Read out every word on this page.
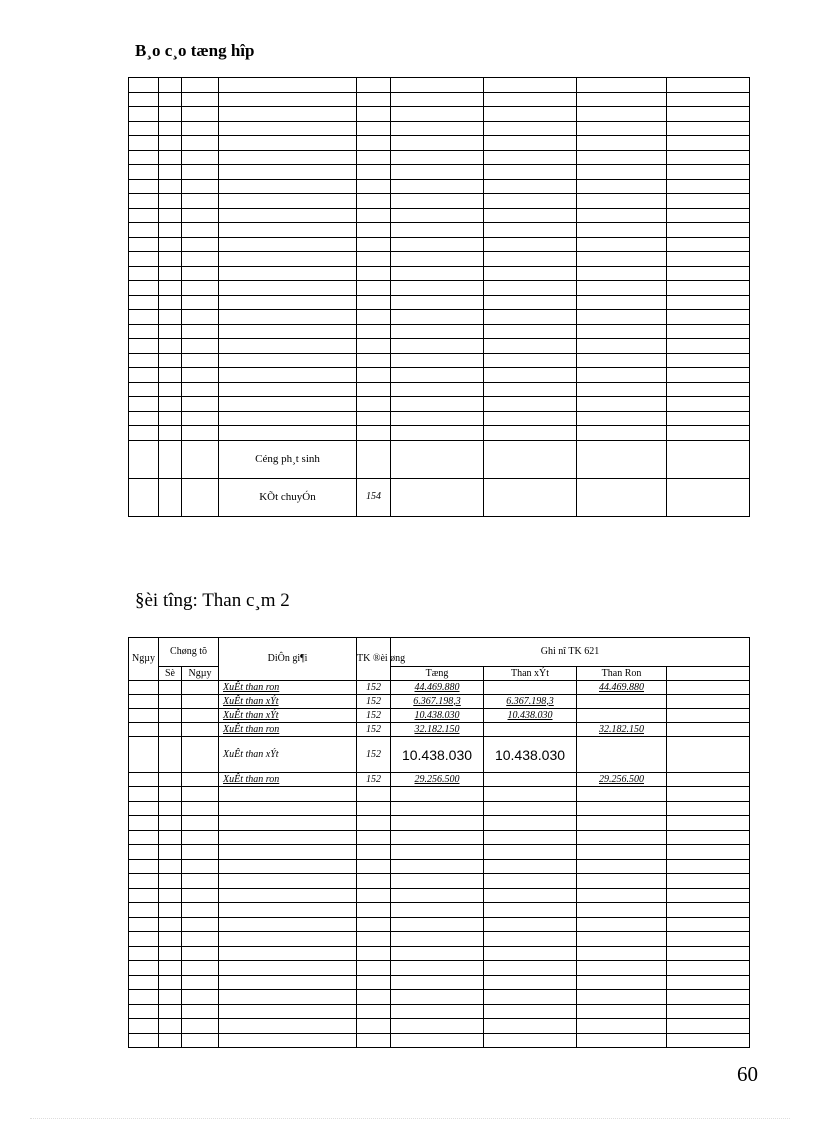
B¸o c¸o tæng hîp

			Céng ph¸t sinh					
			KÕt chuyÓn	154				
§èi tîng: Than c¸m 2
Ngµy	Chøng tõ		DiÔn gi¶i	TK ®èi øng	Ghi nî TK 621			
	Sè	Ngµy			Tæng	Than xÝt	Than Ron	
			XuÊt than ron	152	44.469.880		44.469.880	
			XuÊt than xÝt	152	6.367.198,3	6.367.198,3		
			XuÊt than xÝt	152	10.438.030	10.438.030		
			XuÊt than ron	152	32.182.150		32.182.150	
			XuÊt than xÝt	152	10.438.030	10.438.030		
			XuÊt than ron	152	29.256.500		29.256.500	

60
